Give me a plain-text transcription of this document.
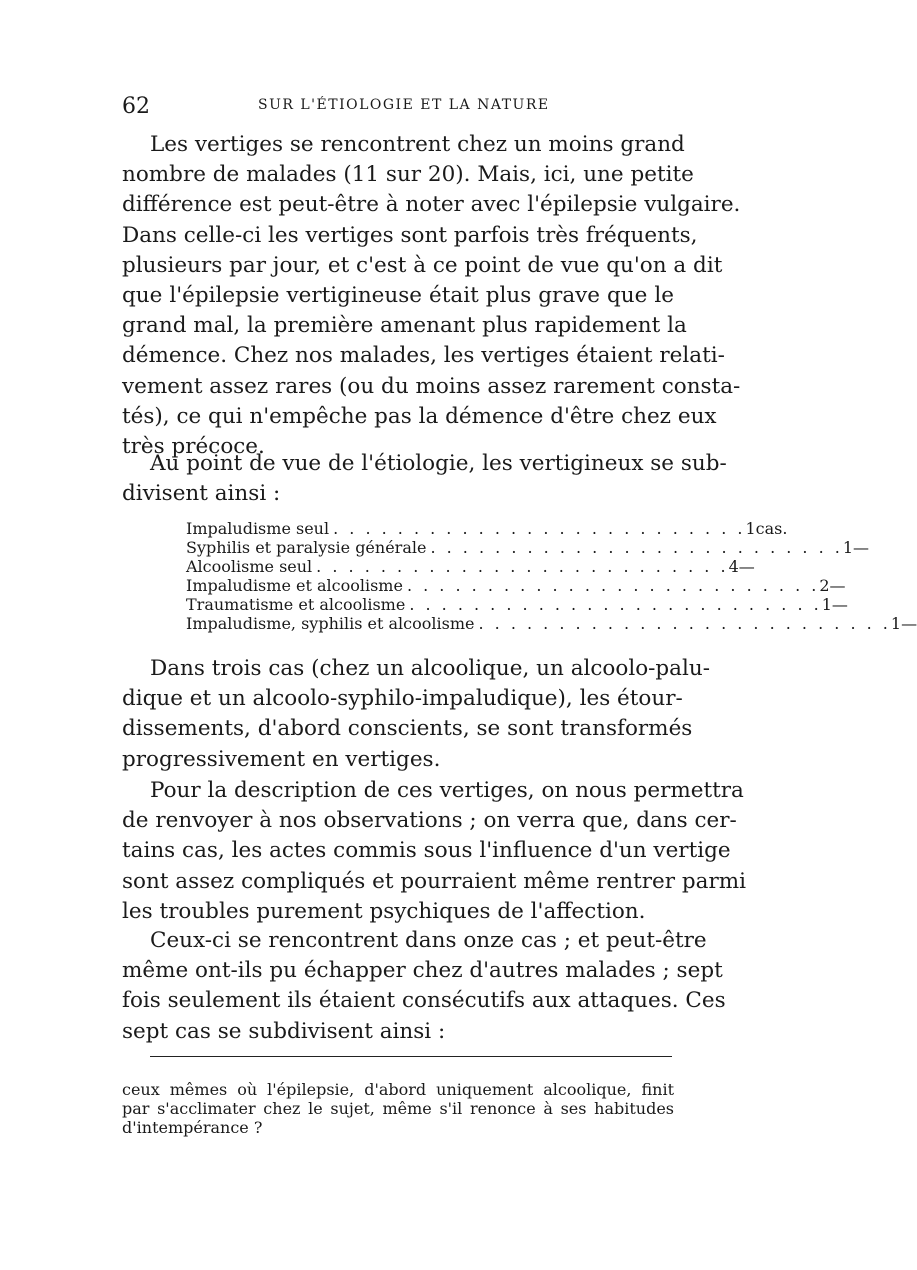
62	SUR L'ÉTIOLOGIE ET LA NATURE
Les vertiges se rencontrent chez un moins grand
nombre de malades (11 sur 20). Mais, ici, une petite
différence est peut-être à noter avec l'épilepsie vulgaire.
Dans celle-ci les vertiges sont parfois très fréquents,
plusieurs par jour, et c'est à ce point de vue qu'on a dit
que l'épilepsie vertigineuse était plus grave que le
grand mal, la première amenant plus rapidement la
démence. Chez nos malades, les vertiges étaient relati-
vement assez rares (ou du moins assez rarement consta-
tés), ce qui n'empêche pas la démence d'être chez eux
très précoce.
Au point de vue de l'étiologie, les vertigineux se sub-
divisent ainsi :
Impaludisme seul . . . . . . . . . . . . . . . . . . . . . . . . . . 1 cas.
Syphilis et paralysie générale . . . . . . . . . . . . . . . . . . . . . . . . . . 1 —
Alcoolisme seul . . . . . . . . . . . . . . . . . . . . . . . . . . 4 —
Impaludisme et alcoolisme . . . . . . . . . . . . . . . . . . . . . . . . . . 2 —
Traumatisme et alcoolisme . . . . . . . . . . . . . . . . . . . . . . . . . . 1 —
Impaludisme, syphilis et alcoolisme . . . . . . . . . . . . . . . . . . . . . . . . . . 1 —
Dans trois cas (chez un alcoolique, un alcoolo-palu-
dique et un alcoolo-syphilo-impaludique), les étour-
dissements, d'abord conscients, se sont transformés
progressivement en vertiges.
Pour la description de ces vertiges, on nous permettra
de renvoyer à nos observations ; on verra que, dans cer-
tains cas, les actes commis sous l'influence d'un vertige
sont assez compliqués et pourraient même rentrer parmi
les troubles purement psychiques de l'affection.
Ceux-ci se rencontrent dans onze cas ; et peut-être
même ont-ils pu échapper chez d'autres malades ; sept
fois seulement ils étaient consécutifs aux attaques. Ces
sept cas se subdivisent ainsi :
ceux mêmes où l'épilepsie, d'abord uniquement alcoolique, finit
par s'acclimater chez le sujet, même s'il renonce à ses habitudes
d'intempérance ?
